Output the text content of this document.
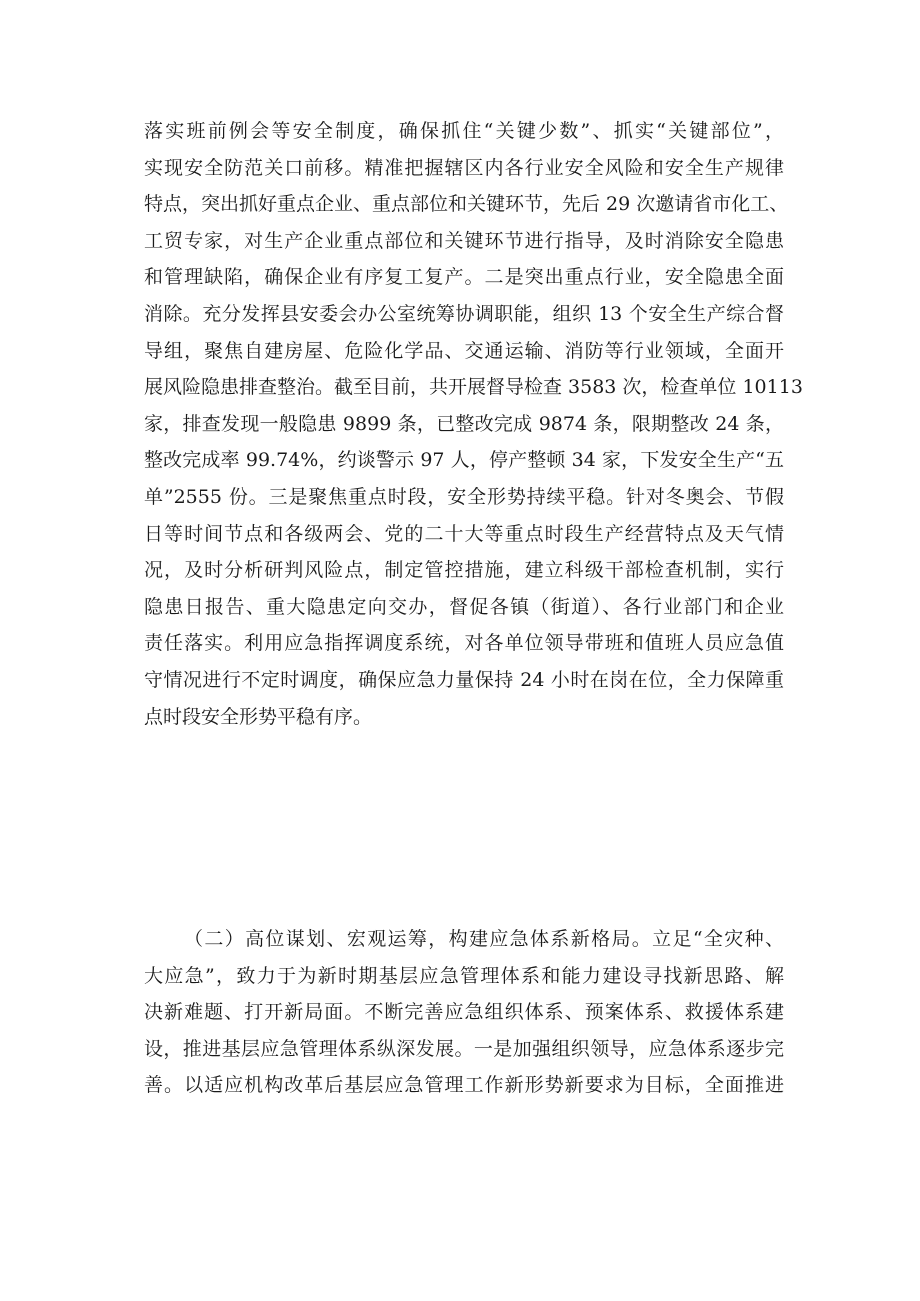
落实班前例会等安全制度，确保抓住“关键少数”、抓实“关键部位”，
实现安全防范关口前移。精准把握辖区内各行业安全风险和安全生产规律
特点，突出抓好重点企业、重点部位和关键环节，先后 29 次邀请省市化工、
工贸专家，对生产企业重点部位和关键环节进行指导，及时消除安全隐患
和管理缺陷，确保企业有序复工复产。二是突出重点行业，安全隐患全面
消除。充分发挥县安委会办公室统筹协调职能，组织 13 个安全生产综合督
导组，聚焦自建房屋、危险化学品、交通运输、消防等行业领域，全面开
展风险隐患排查整治。截至目前，共开展督导检查 3583 次，检查单位 10113
家，排查发现一般隐患 9899 条，已整改完成 9874 条，限期整改 24 条，
整改完成率 99.74%，约谈警示 97 人，停产整顿 34 家，下发安全生产“五
单”2555 份。三是聚焦重点时段，安全形势持续平稳。针对冬奥会、节假
日等时间节点和各级两会、党的二十大等重点时段生产经营特点及天气情
况，及时分析研判风险点，制定管控措施，建立科级干部检查机制，实行
隐患日报告、重大隐患定向交办，督促各镇（街道）、各行业部门和企业
责任落实。利用应急指挥调度系统，对各单位领导带班和值班人员应急值
守情况进行不定时调度，确保应急力量保持 24 小时在岗在位，全力保障重
点时段安全形势平稳有序。
（二）高位谋划、宏观运筹，构建应急体系新格局。立足“全灾种、
大应急”，致力于为新时期基层应急管理体系和能力建设寻找新思路、解
决新难题、打开新局面。不断完善应急组织体系、预案体系、救援体系建
设，推进基层应急管理体系纵深发展。一是加强组织领导，应急体系逐步完
善。以适应机构改革后基层应急管理工作新形势新要求为目标，全面推进
